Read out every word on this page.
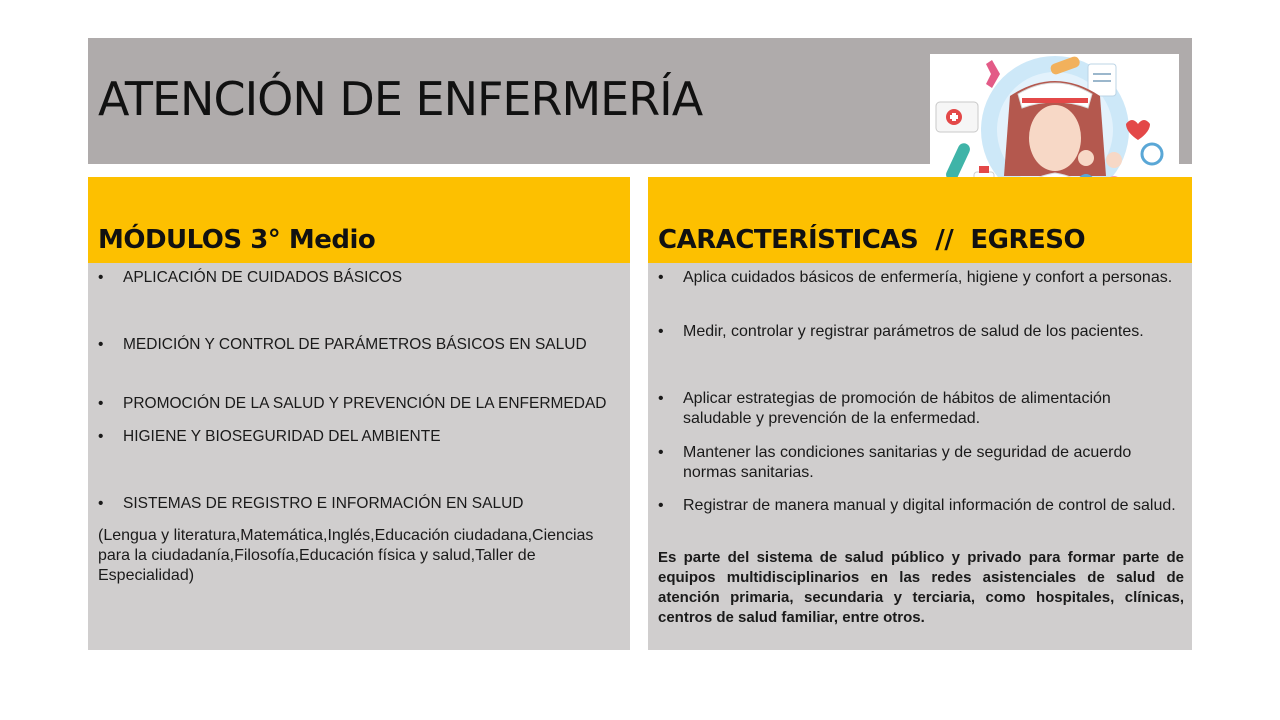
ATENCIÓN DE ENFERMERÍA
MÓDULOS 3° Medio
• APLICACIÓN DE CUIDADOS BÁSICOS
• MEDICIÓN Y CONTROL DE PARÁMETROS BÁSICOS EN SALUD
• PROMOCIÓN DE LA SALUD Y PREVENCIÓN DE LA ENFERMEDAD
• HIGIENE Y BIOSEGURIDAD DEL AMBIENTE
• SISTEMAS DE REGISTRO E INFORMACIÓN EN SALUD
(Lengua y literatura,Matemática,Inglés,Educación ciudadana,Ciencias para la ciudadanía,Filosofía,Educación física y salud,Taller de Especialidad)
CARACTERÍSTICAS  //  EGRESO
• Aplica cuidados básicos de enfermería, higiene y confort a personas.
• Medir, controlar y registrar parámetros de salud de los pacientes.
• Aplicar estrategias de promoción de hábitos de alimentación saludable y prevención de la enfermedad.
• Mantener las condiciones sanitarias y de seguridad de acuerdo normas sanitarias.
• Registrar de manera manual y digital información de control de salud.
Es parte del sistema de salud público y privado para formar parte de equipos multidisciplinarios en las redes asistenciales de salud de atención primaria, secundaria y terciaria, como hospitales, clínicas, centros de salud familiar, entre otros.
